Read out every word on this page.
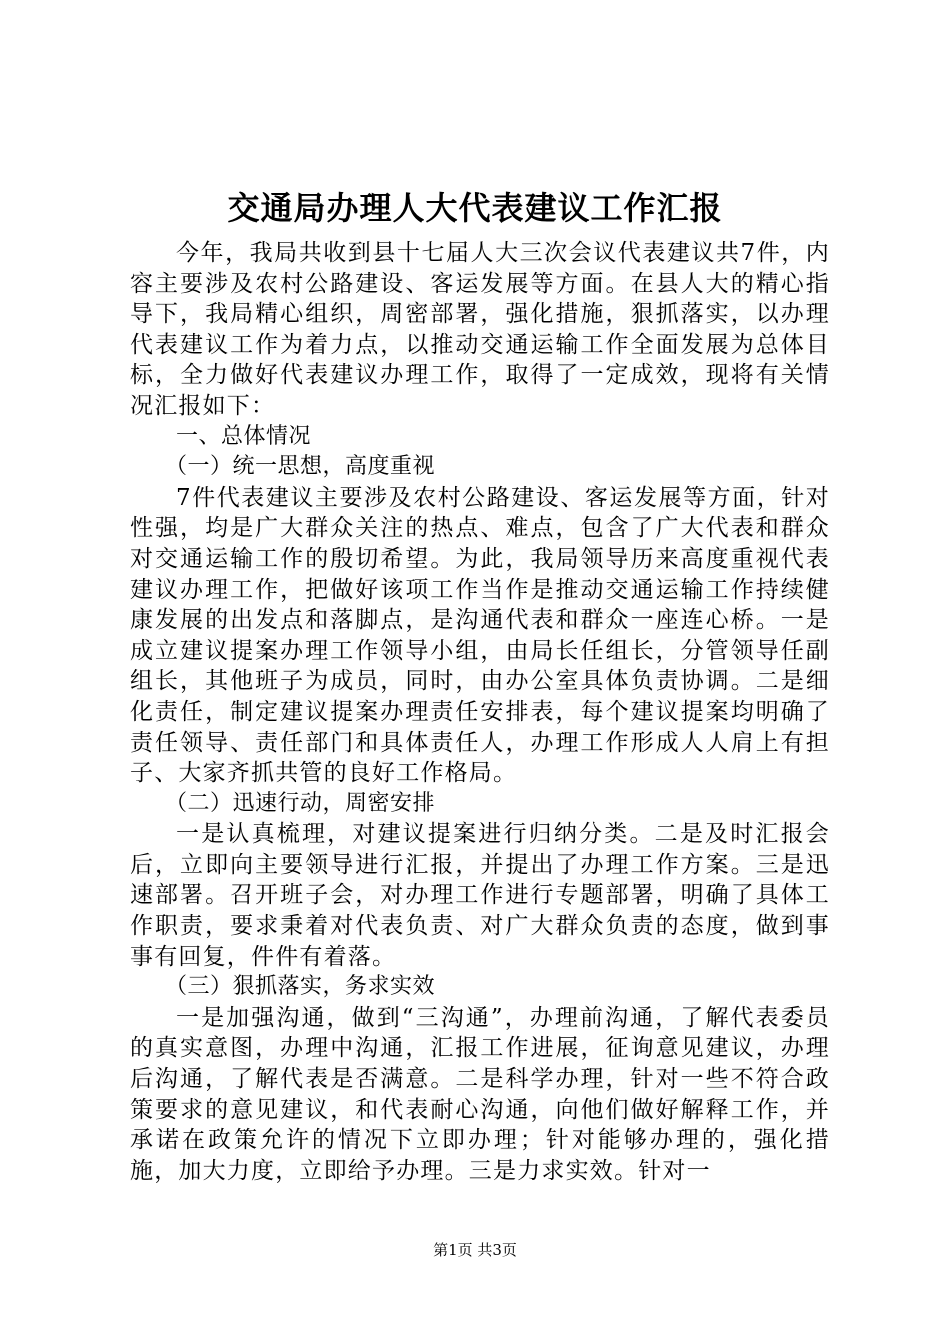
交通局办理人大代表建议工作汇报

今年，我局共收到县十七届人大三次会议代表建议共7件，内容主要涉及农村公路建设、客运发展等方面。在县人大的精心指导下，我局精心组织，周密部署，强化措施，狠抓落实，以办理代表建议工作为着力点，以推动交通运输工作全面发展为总体目标，全力做好代表建议办理工作，取得了一定成效，现将有关情况汇报如下：

一、总体情况

（一）统一思想，高度重视

7件代表建议主要涉及农村公路建设、客运发展等方面，针对性强，均是广大群众关注的热点、难点，包含了广大代表和群众对交通运输工作的殷切希望。为此，我局领导历来高度重视代表建议办理工作，把做好该项工作当作是推动交通运输工作持续健康发展的出发点和落脚点，是沟通代表和群众一座连心桥。一是成立建议提案办理工作领导小组，由局长任组长，分管领导任副组长，其他班子为成员，同时，由办公室具体负责协调。二是细化责任，制定建议提案办理责任安排表，每个建议提案均明确了责任领导、责任部门和具体责任人，办理工作形成人人肩上有担子、大家齐抓共管的良好工作格局。

（二）迅速行动，周密安排

一是认真梳理，对建议提案进行归纳分类。二是及时汇报会后，立即向主要领导进行汇报，并提出了办理工作方案。三是迅速部署。召开班子会，对办理工作进行专题部署，明确了具体工作职责，要求秉着对代表负责、对广大群众负责的态度，做到事事有回复，件件有着落。

（三）狠抓落实，务求实效

一是加强沟通，做到“三沟通”，办理前沟通，了解代表委员的真实意图，办理中沟通，汇报工作进展，征询意见建议，办理后沟通，了解代表是否满意。二是科学办理，针对一些不符合政策要求的意见建议，和代表耐心沟通，向他们做好解释工作，并承诺在政策允许的情况下立即办理；针对能够办理的，强化措施，加大力度，立即给予办理。三是力求实效。针对一

第1页 共3页
